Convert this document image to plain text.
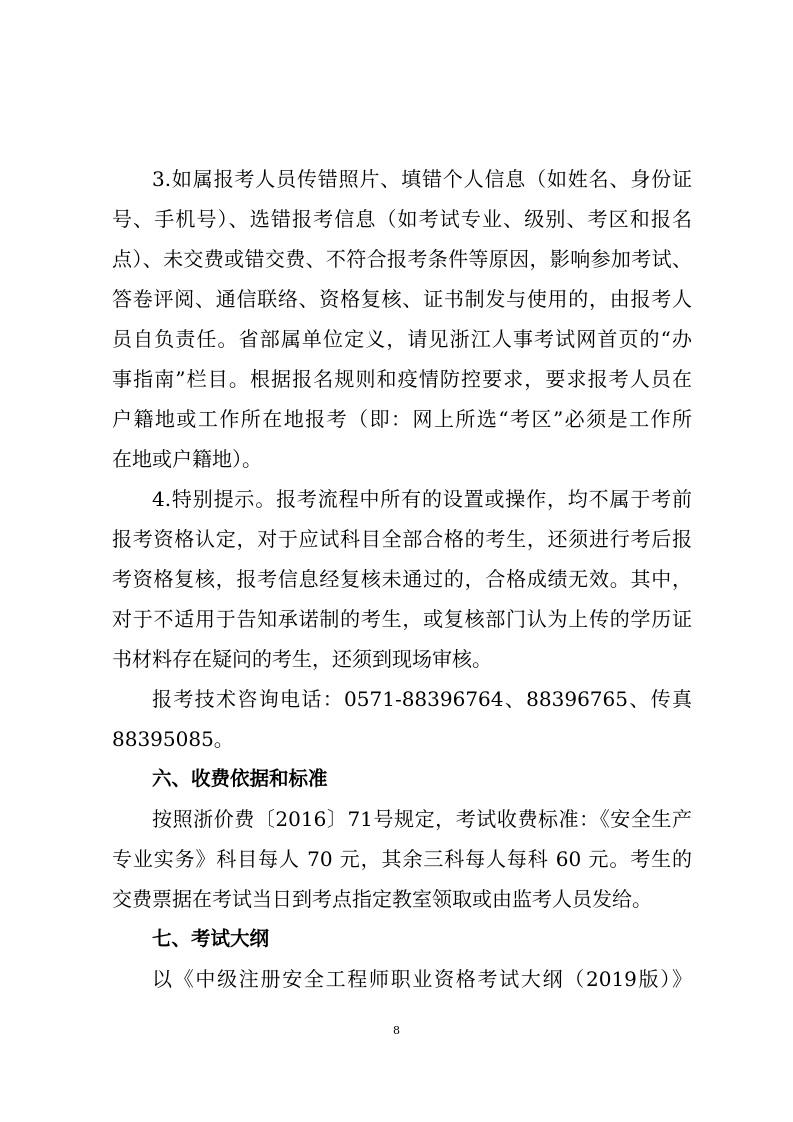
3.如属报考人员传错照片、填错个人信息（如姓名、身份证
号、手机号）、选错报考信息（如考试专业、级别、考区和报名
点）、未交费或错交费、不符合报考条件等原因，影响参加考试、
答卷评阅、通信联络、资格复核、证书制发与使用的，由报考人
员自负责任。省部属单位定义，请见浙江人事考试网首页的“办
事指南”栏目。根据报名规则和疫情防控要求，要求报考人员在
户籍地或工作所在地报考（即：网上所选“考区”必须是工作所
在地或户籍地）。
4.特别提示。报考流程中所有的设置或操作，均不属于考前
报考资格认定，对于应试科目全部合格的考生，还须进行考后报
考资格复核，报考信息经复核未通过的，合格成绩无效。其中，
对于不适用于告知承诺制的考生，或复核部门认为上传的学历证
书材料存在疑问的考生，还须到现场审核。
报考技术咨询电话：0571-88396764、88396765、传真
88395085。
六、收费依据和标准
按照浙价费〔2016〕71号规定，考试收费标准：《安全生产
专业实务》科目每人 70 元，其余三科每人每科 60 元。考生的
交费票据在考试当日到考点指定教室领取或由监考人员发给。
七、考试大纲
以《中级注册安全工程师职业资格考试大纲（2019版）》
8
